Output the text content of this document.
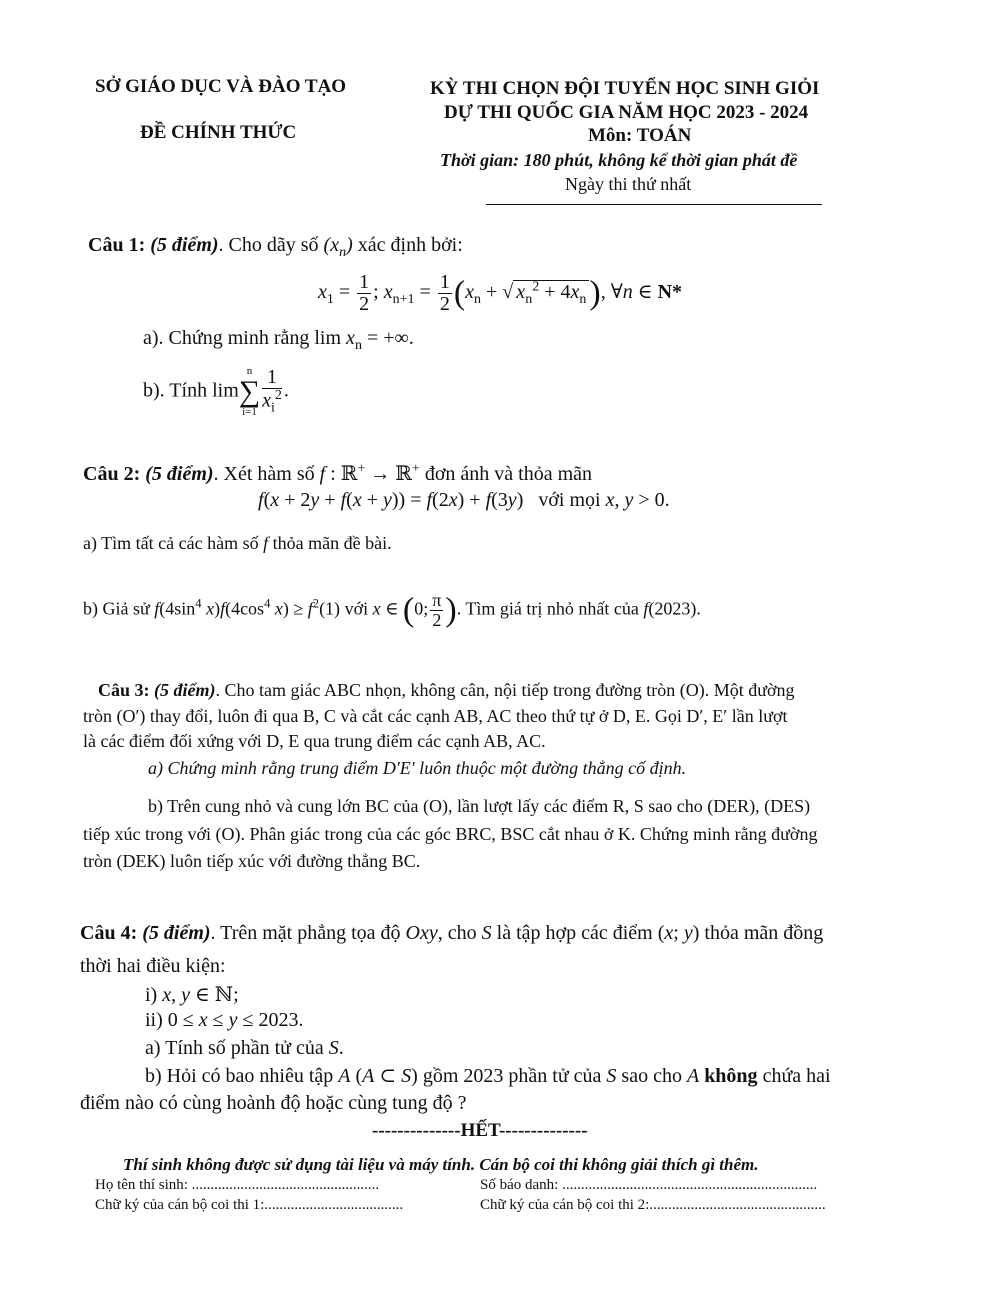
SỞ GIÁO DỤC VÀ ĐÀO TẠO
ĐỀ CHÍNH THỨC
KỲ THI CHỌN ĐỘI TUYỂN HỌC SINH GIỎI
DỰ THI QUỐC GIA NĂM HỌC 2023 - 2024
Môn: TOÁN
Thời gian: 180 phút, không kể thời gian phát đề
Ngày thi thứ nhất
Câu 1: (5 điểm). Cho dãy số $(x_n)$ xác định bởi:
$x_1 = \frac{1}{2}$ ; $x_{n+1} = \frac{1}{2} (x_n$ + √ $x_n^2 + 4x_n$), ∀n ∈ N*
a). Chứng minh rằng $\lim x_n$ = +∞.
b). Tính lim
n
∑
$i=1 \frac{1}{x_i^2}$ .
Câu 2: (5 điểm). Xét hàm số f : ℝ+ → ℝ+ đơn ánh và thỏa mãn
f(x + 2y + f(x + y)) = f(2x) + f(3y)   với mọi x, y > 0.
a) Tìm tất cả các hàm số f thỏa mãn đề bài.
b) Giả sử $f(4\sin^4$ $x)f(4\cos^4$ $x) \ge f^2(1)$ với x ∈ (0; $\frac{\pi}{2}$ ). Tìm giá trị nhỏ nhất của f(2023).
Câu 3: (5 điểm). Cho tam giác ABC nhọn, không cân, nội tiếp trong đường tròn (O). Một đường
tròn (O′) thay đổi, luôn đi qua B, C và cắt các cạnh AB, AC theo thứ tự ở D, E. Gọi D′, E′ lần lượt
là các điểm đối xứng với D, E qua trung điểm các cạnh AB, AC.
a) Chứng minh rằng trung điểm D′E′ luôn thuộc một đường thẳng cố định.
b) Trên cung nhỏ và cung lớn BC của (O), lần lượt lấy các điểm R, S sao cho (DER), (DES)
tiếp xúc trong với (O). Phân giác trong của các góc BRC, BSC cắt nhau ở K. Chứng minh rằng đường
tròn (DEK) luôn tiếp xúc với đường thẳng BC.
Câu 4: (5 điểm). Trên mặt phẳng tọa độ Oxy, cho S là tập hợp các điểm (x; y) thỏa mãn đồng
thời hai điều kiện:
i) x, y ∈ ℕ;
ii) 0 ≤ x ≤ y ≤ 2023.
a) Tính số phần tử của S.
b) Hỏi có bao nhiêu tập A (A ⊂ S) gồm 2023 phần tử của S sao cho A không chứa hai
điểm nào có cùng hoành độ hoặc cùng tung độ ?
--------------HẾT--------------
Thí sinh không được sử dụng tài liệu và máy tính. Cán bộ coi thi không giải thích gì thêm.
Họ tên thí sinh: ..................................................	Số báo danh: ....................................................................
Chữ ký của cán bộ coi thi 1:.....................................	Chữ ký của cán bộ coi thi 2:...............................................
